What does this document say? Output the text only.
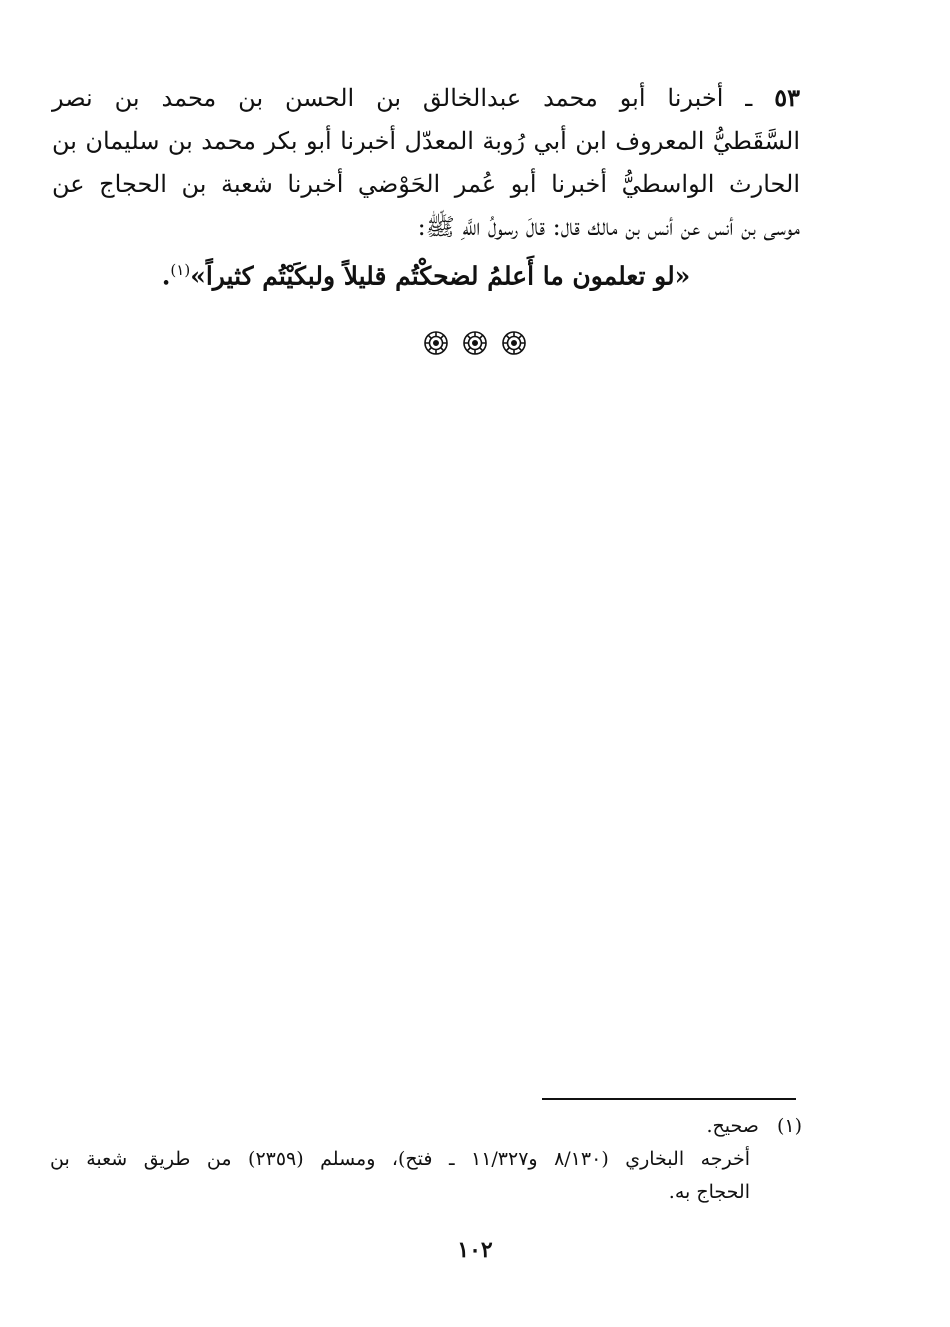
٥٣ ـ أخبرنا أبو محمد عبدالخالق بن الحسن بن محمد بن نصر
السَّقَطيُّ المعروف ابن أبي رُوبة المعدّل أخبرنا أبو بكر محمد بن سليمان بن
الحارث الواسطيُّ أخبرنا أبو عُمر الحَوْضي أخبرنا شعبة بن الحجاج عن
موسى بن أنس عن أنس بن مالك قال: قالَ رسولُ اللَّهِ ﷺ:
«لو تعلمون ما أَعلمُ لضحكْتُم قليلاً ولبكَيْتُم كثيراً»$^{(١)}$.

(١)صحيح.
أخرجه البخاري (٨/١٣٠ و١١/٣٢٧ ـ فتح)، ومسلم (٢٣٥٩) من طريق شعبة بن
الحجاج به.
١٠٢
